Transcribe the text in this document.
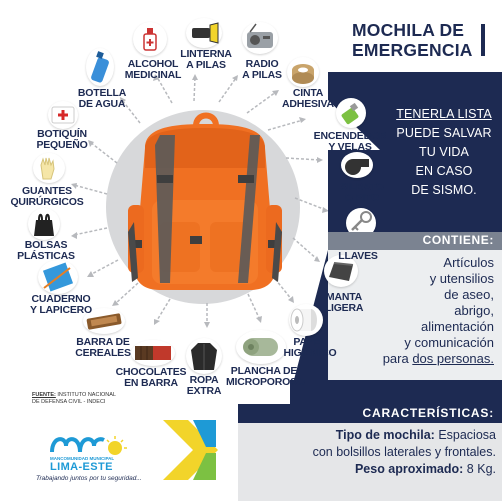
ALCOHOL
MEDICINAL
LINTERNA
A PILAS	RADIO
A PILAS
CINTA
ADHESIVA
ENCENDEDOR
Y VELAS
SILBATO
O PITO

LLAVES
MANTA
LIGERA
PAPEL
HIGIÉNICO
PLANCHA DE
MICROPOROSO
ROPA
EXTRA
CHOCOLATES
EN BARRA
BARRA DE
CEREALES
CUADERNO
Y LAPICERO
BOLSAS
PLÁSTICAS
GUANTES
QUIRÚRGICOS
BOTIQUÍN
PEQUEÑO
BOTELLA
DE AGUA
MOCHILA DE
EMERGENCIA
TENERLA LISTA
PUEDE SALVAR
TU VIDA
EN CASO
DE SISMO.
CONTIENE:
Artículos
y utensilios
de aseo,
abrigo,
alimentación
y comunicación
para dos personas.
CARACTERÍSTICAS:
Tipo de mochila: Espaciosa
con bolsillos laterales y frontales.
Peso aproximado: 8 Kg.
FUENTE: INSTITUTO NACIONAL
DE DEFENSA CIVIL - INDECI
MANCOMUNIDAD MUNICIPAL
LIMA-ESTE
Trabajando juntos por tu seguridad...
